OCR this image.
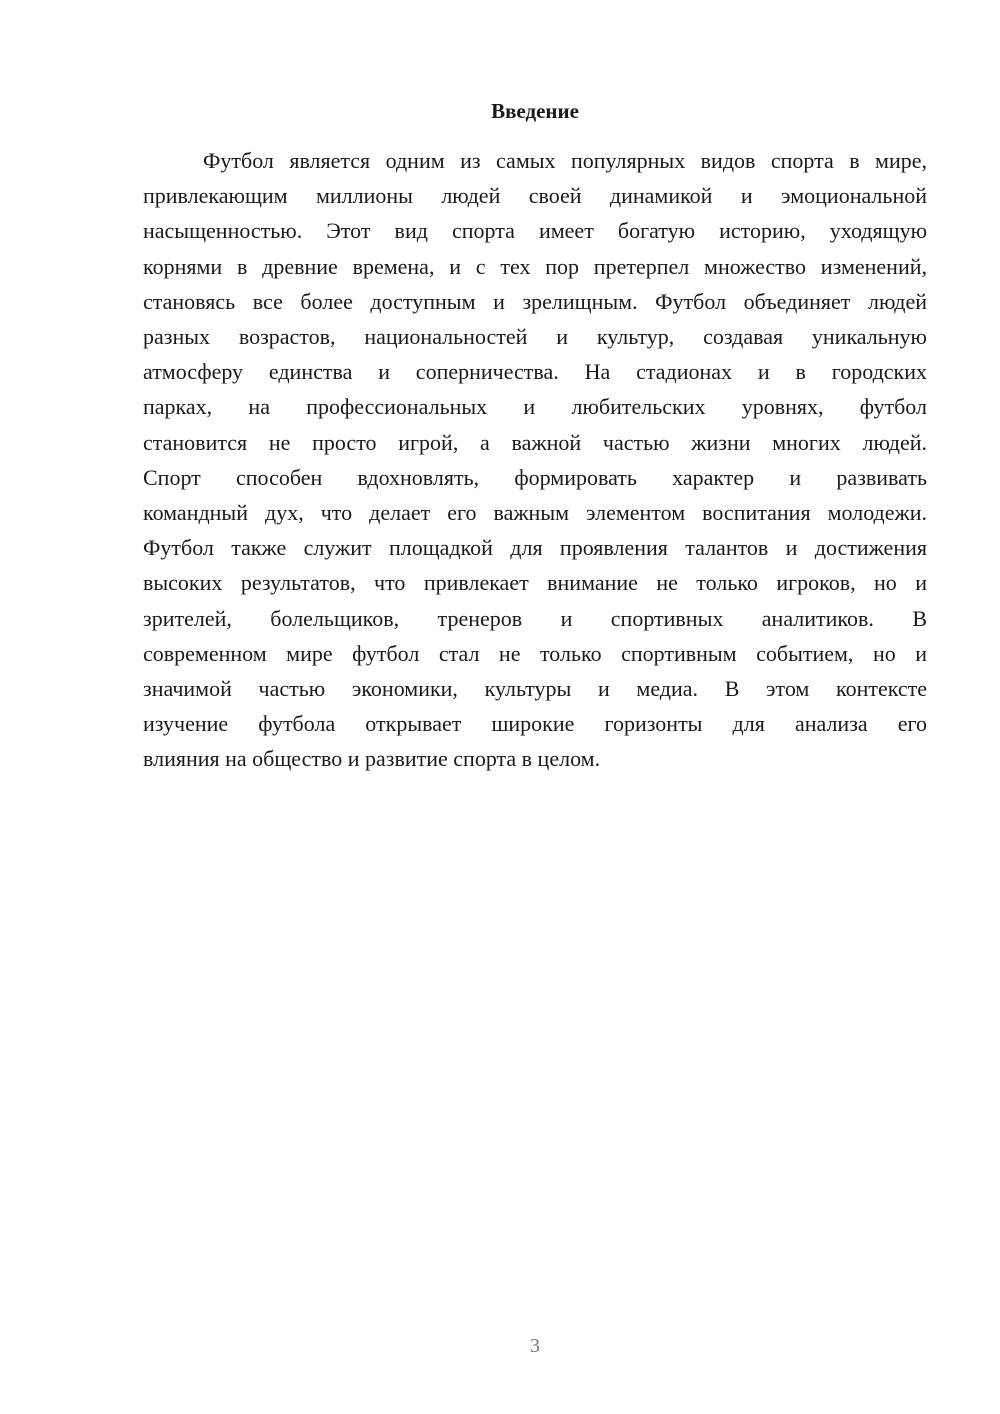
Введение

Футбол является одним из самых популярных видов спорта в мире,
привлекающим миллионы людей своей динамикой и эмоциональной
насыщенностью. Этот вид спорта имеет богатую историю, уходящую
корнями в древние времена, и с тех пор претерпел множество изменений,
становясь все более доступным и зрелищным. Футбол объединяет людей
разных возрастов, национальностей и культур, создавая уникальную
атмосферу единства и соперничества. На стадионах и в городских
парках, на профессиональных и любительских уровнях, футбол
становится не просто игрой, а важной частью жизни многих людей.
Спорт способен вдохновлять, формировать характер и развивать
командный дух, что делает его важным элементом воспитания молодежи.
Футбол также служит площадкой для проявления талантов и достижения
высоких результатов, что привлекает внимание не только игроков, но и
зрителей, болельщиков, тренеров и спортивных аналитиков. В
современном мире футбол стал не только спортивным событием, но и
значимой частью экономики, культуры и медиа. В этом контексте
изучение футбола открывает широкие горизонты для анализа его
влияния на общество и развитие спорта в целом.

3
